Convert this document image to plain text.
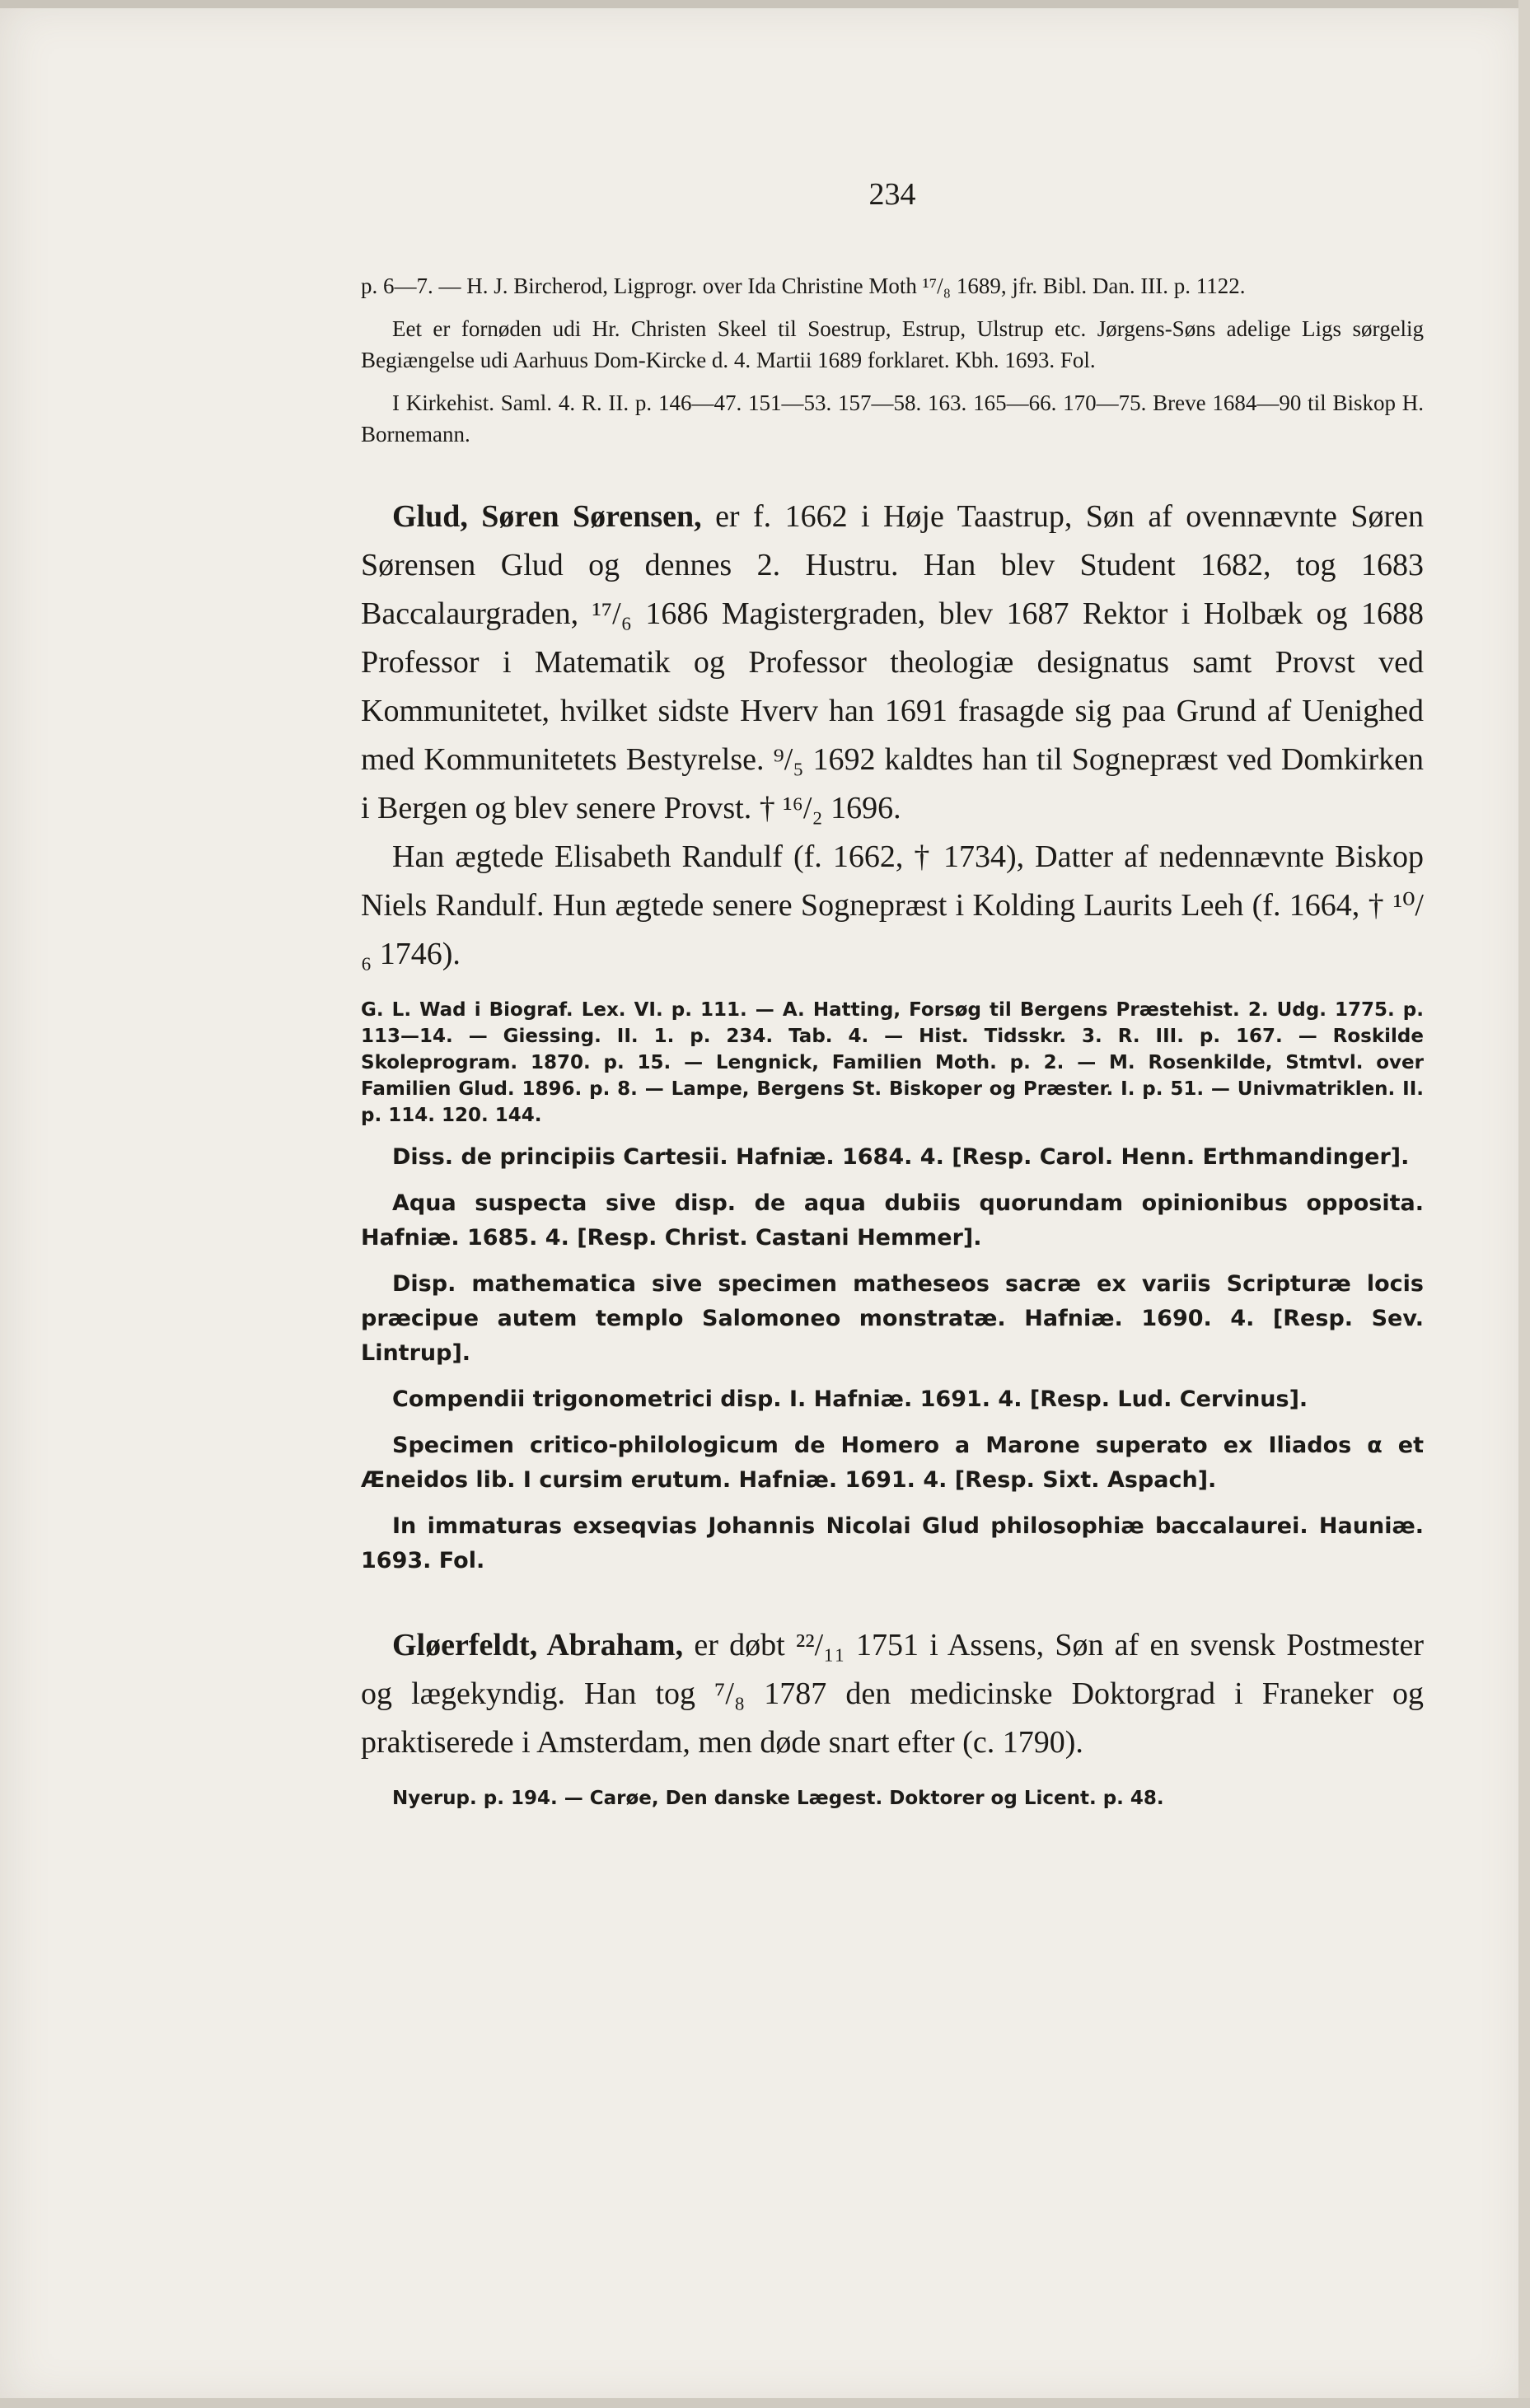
234

p. 6—7. — H. J. Bircherod, Ligprogr. over Ida Christine Moth ¹⁷/₈ 1689, jfr. Bibl. Dan. III. p. 1122.

Eet er fornøden udi Hr. Christen Skeel til Soestrup, Estrup, Ulstrup etc. Jørgens-Søns adelige Ligs sørgelig Begiængelse udi Aarhuus Dom-Kircke d. 4. Martii 1689 forklaret. Kbh. 1693. Fol.

I Kirkehist. Saml. 4. R. II. p. 146—47. 151—53. 157—58. 163. 165—66. 170—75. Breve 1684—90 til Biskop H. Bornemann.

Glud, Søren Sørensen, er f. 1662 i Høje Taastrup, Søn af ovennævnte Søren Sørensen Glud og dennes 2. Hustru. Han blev Student 1682, tog 1683 Baccalaurgraden, ¹⁷/₆ 1686 Magistergraden, blev 1687 Rektor i Holbæk og 1688 Professor i Matematik og Professor theologiæ designatus samt Provst ved Kommunitetet, hvilket sidste Hverv han 1691 frasagde sig paa Grund af Uenighed med Kommunitetets Bestyrelse. ⁹/₅ 1692 kaldtes han til Sognepræst ved Domkirken i Bergen og blev senere Provst. † ¹⁶/₂ 1696.

Han ægtede Elisabeth Randulf (f. 1662, † 1734), Datter af nedennævnte Biskop Niels Randulf. Hun ægtede senere Sognepræst i Kolding Laurits Leeh (f. 1664, † ¹⁰/₆ 1746).

G. L. Wad i Biograf. Lex. VI. p. 111. — A. Hatting, Forsøg til Bergens Præstehist. 2. Udg. 1775. p. 113—14. — Giessing. II. 1. p. 234. Tab. 4. — Hist. Tidsskr. 3. R. III. p. 167. — Roskilde Skoleprogram. 1870. p. 15. — Lengnick, Familien Moth. p. 2. — M. Rosenkilde, Stmtvl. over Familien Glud. 1896. p. 8. — Lampe, Bergens St. Biskoper og Præster. I. p. 51. — Univmatriklen. II. p. 114. 120. 144.

Diss. de principiis Cartesii. Hafniæ. 1684. 4. [Resp. Carol. Henn. Erthmandinger].

Aqua suspecta sive disp. de aqua dubiis quorundam opinionibus opposita. Hafniæ. 1685. 4. [Resp. Christ. Castani Hemmer].

Disp. mathematica sive specimen matheseos sacræ ex variis Scripturæ locis præcipue autem templo Salomoneo monstratæ. Hafniæ. 1690. 4. [Resp. Sev. Lintrup].

Compendii trigonometrici disp. I. Hafniæ. 1691. 4. [Resp. Lud. Cervinus].

Specimen critico-philologicum de Homero a Marone superato ex Iliados α et Æneidos lib. I cursim erutum. Hafniæ. 1691. 4. [Resp. Sixt. Aspach].

In immaturas exseqvias Johannis Nicolai Glud philosophiæ baccalaurei. Hauniæ. 1693. Fol.

Gløerfeldt, Abraham, er døbt ²²/₁₁ 1751 i Assens, Søn af en svensk Postmester og lægekyndig. Han tog ⁷/₈ 1787 den medicinske Doktorgrad i Franeker og praktiserede i Amsterdam, men døde snart efter (c. 1790).

Nyerup. p. 194. — Carøe, Den danske Lægest. Doktorer og Licent. p. 48.
